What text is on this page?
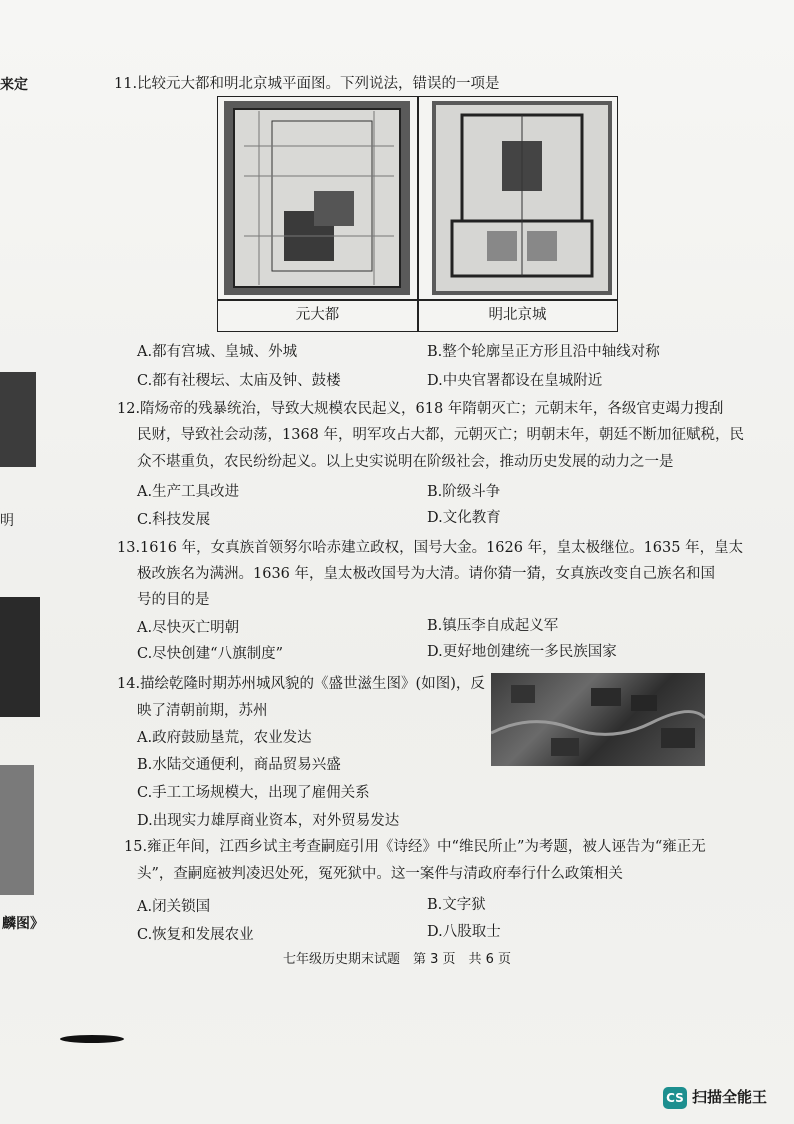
来定
明
麟图》
11.比较元大都和明北京城平面图。下列说法，错误的一项是
元大都	明北京城
A.都有宫城、皇城、外城	B.整个轮廓呈正方形且沿中轴线对称
C.都有社稷坛、太庙及钟、鼓楼	D.中央官署都设在皇城附近
12.隋炀帝的残暴统治，导致大规模农民起义，618 年隋朝灭亡；元朝末年，各级官吏竭力搜刮
民财，导致社会动荡，1368 年，明军攻占大都，元朝灭亡；明朝末年，朝廷不断加征赋税，民
众不堪重负，农民纷纷起义。以上史实说明在阶级社会，推动历史发展的动力之一是
A.生产工具改进	B.阶级斗争
C.科技发展	D.文化教育
13.1616 年，女真族首领努尔哈赤建立政权，国号大金。1626 年，皇太极继位。1635 年，皇太
极改族名为满洲。1636 年，皇太极改国号为大清。请你猜一猜，女真族改变自己族名和国
号的目的是
A.尽快灭亡明朝	B.镇压李自成起义军
C.尽快创建“八旗制度”	D.更好地创建统一多民族国家
14.描绘乾隆时期苏州城风貌的《盛世滋生图》(如图)，反
映了清朝前期，苏州
A.政府鼓励垦荒，农业发达
B.水陆交通便利，商品贸易兴盛
C.手工工场规模大，出现了雇佣关系
D.出现实力雄厚商业资本，对外贸易发达
15.雍正年间，江西乡试主考查嗣庭引用《诗经》中“维民所止”为考题，被人诬告为“雍正无
头”，查嗣庭被判凌迟处死，冤死狱中。这一案件与清政府奉行什么政策相关
A.闭关锁国	B.文字狱
C.恢复和发展农业	D.八股取士
七年级历史期末试题　第 3 页　共 6 页
CS 扫描全能王
